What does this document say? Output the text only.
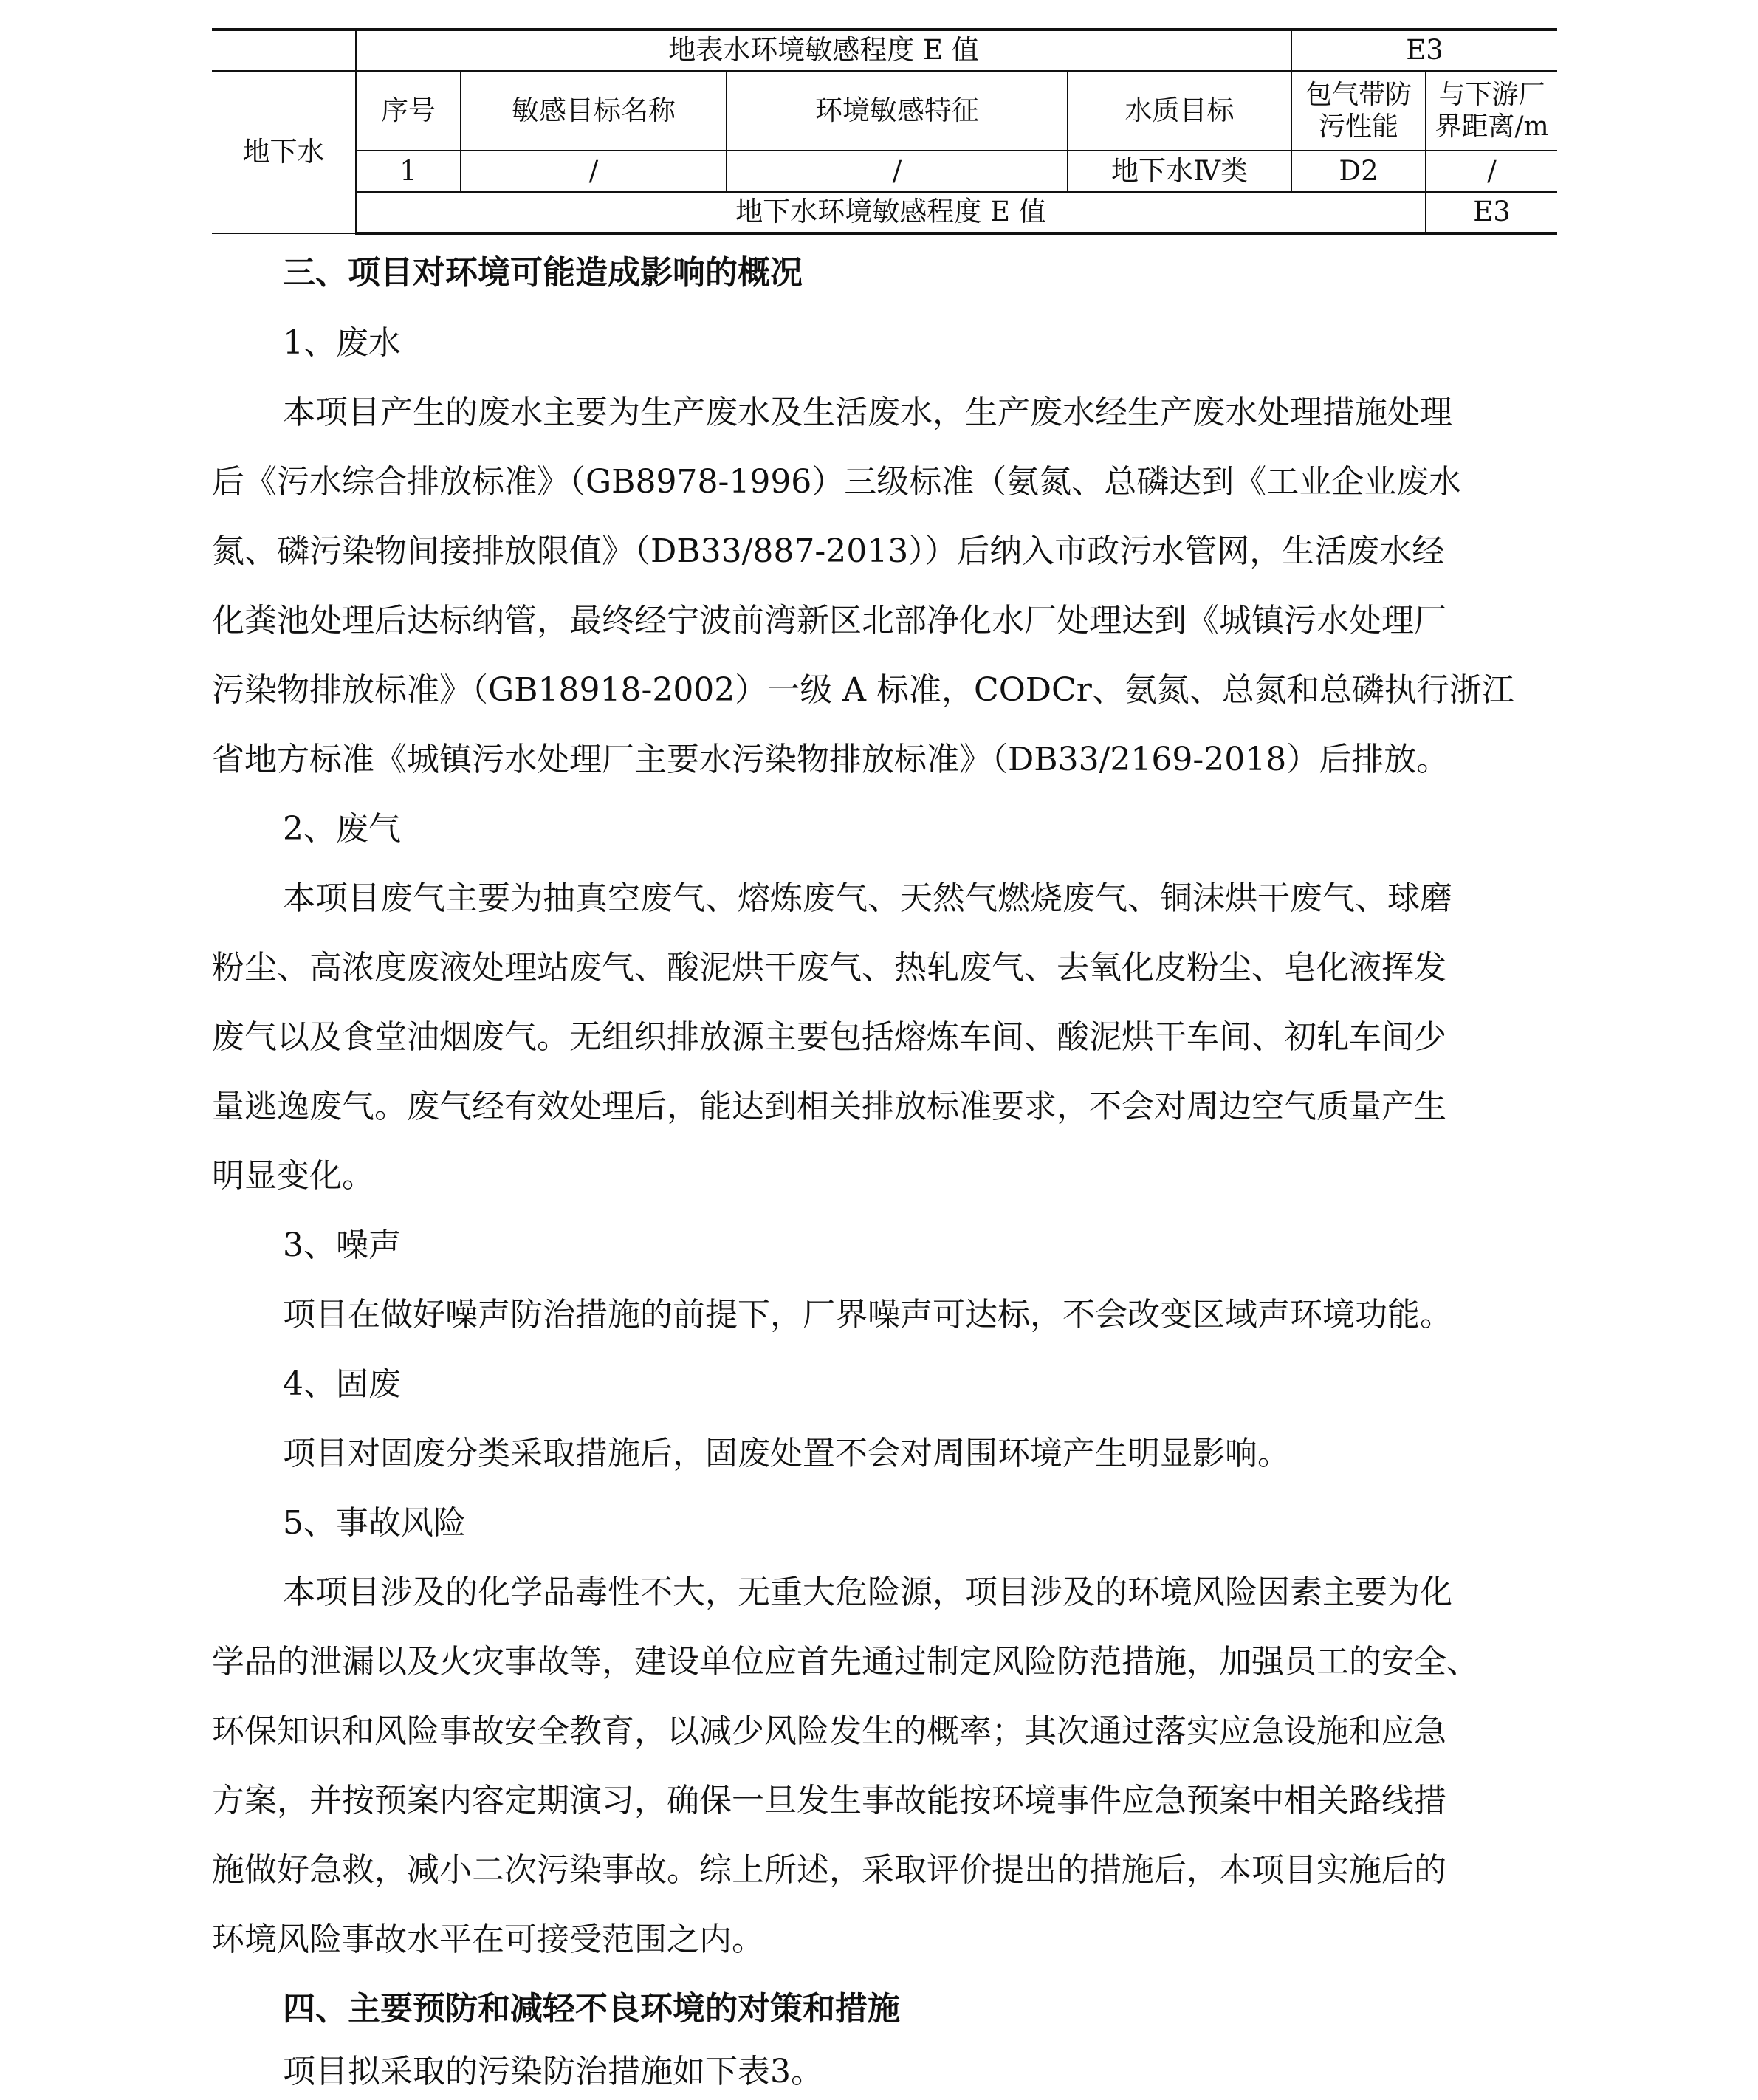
	地表水环境敏感程度 E 值				E3	
地下水	序号	敏感目标名称	环境敏感特征	水质目标	包气带防污性能	与下游厂界距离/m
	1	/	/	地下水Ⅳ类	D2	/
	地下水环境敏感程度 E 值					E3
三、项目对环境可能造成影响的概况
1、废水
本项目产生的废水主要为生产废水及生活废水，生产废水经生产废水处理措施处理
后《污水综合排放标准》（GB8978-1996）三级标准（氨氮、总磷达到《工业企业废水
氮、磷污染物间接排放限值》（DB33/887-2013））后纳入市政污水管网，生活废水经
化粪池处理后达标纳管，最终经宁波前湾新区北部净化水厂处理达到《城镇污水处理厂
污染物排放标准》（GB18918-2002）一级 A 标准，CODCr、氨氮、总氮和总磷执行浙江
省地方标准《城镇污水处理厂主要水污染物排放标准》（DB33/2169-2018）后排放。
2、废气
本项目废气主要为抽真空废气、熔炼废气、天然气燃烧废气、铜沫烘干废气、球磨
粉尘、高浓度废液处理站废气、酸泥烘干废气、热轧废气、去氧化皮粉尘、皂化液挥发
废气以及食堂油烟废气。无组织排放源主要包括熔炼车间、酸泥烘干车间、初轧车间少
量逃逸废气。废气经有效处理后，能达到相关排放标准要求，不会对周边空气质量产生
明显变化。
3、噪声
项目在做好噪声防治措施的前提下，厂界噪声可达标，不会改变区域声环境功能。
4、固废
项目对固废分类采取措施后，固废处置不会对周围环境产生明显影响。
5、事故风险
本项目涉及的化学品毒性不大，无重大危险源，项目涉及的环境风险因素主要为化
学品的泄漏以及火灾事故等，建设单位应首先通过制定风险防范措施，加强员工的安全、
环保知识和风险事故安全教育，以减少风险发生的概率；其次通过落实应急设施和应急
方案，并按预案内容定期演习，确保一旦发生事故能按环境事件应急预案中相关路线措
施做好急救，减小二次污染事故。综上所述，采取评价提出的措施后，本项目实施后的
环境风险事故水平在可接受范围之内。
四、主要预防和减轻不良环境的对策和措施
项目拟采取的污染防治措施如下表3。
